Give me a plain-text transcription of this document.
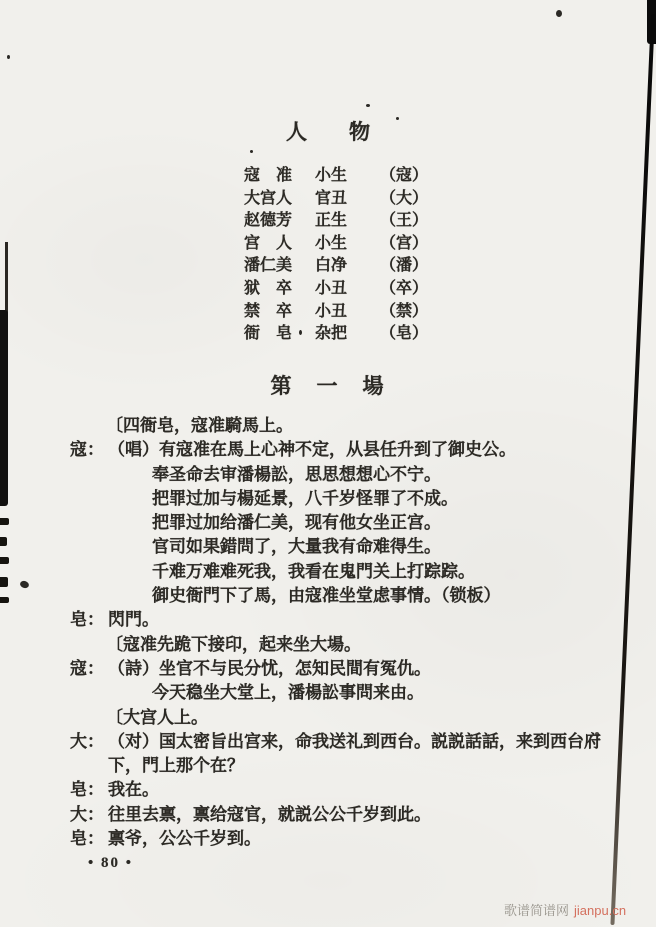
人　　物
寇　准 小生 （寇）
大宫人 官丑 （大）
赵德芳 正生 （王）
宫　人 小生 （宫）
潘仁美 白净 （潘）
狱　卒 小丑 （卒）
禁　卒 小丑 （禁）
衙　皂 杂把 （皂）
第　一　場
〔四衙皂，寇准騎馬上。
寇： （唱）有寇准在馬上心神不定，从县任升到了御史公。
奉圣命去审潘楊訟，思思想想心不宁。
把罪过加与楊延景，八千岁怪罪了不成。
把罪过加给潘仁美，现有他女坐正宫。
官司如果錯問了，大量我有命难得生。
千难万难难死我，我看在鬼門关上打踪踪。
御史衙門下了馬，由寇准坐堂虑事情。（锁板）
皂： 閃門。
〔寇准先跪下接印，起来坐大場。
寇： （詩）坐官不与民分忧，怎知民間有冤仇。
今天稳坐大堂上，潘楊訟事問来由。
〔大宫人上。
大： （对）国太密旨出宫来，命我送礼到西台。説説話話，来到西台府
下，門上那个在？
皂： 我在。
大： 往里去禀，禀给寇官，就説公公千岁到此。
皂： 禀爷，公公千岁到。
• 80 •
歌谱简谱网 jianpu.cn
